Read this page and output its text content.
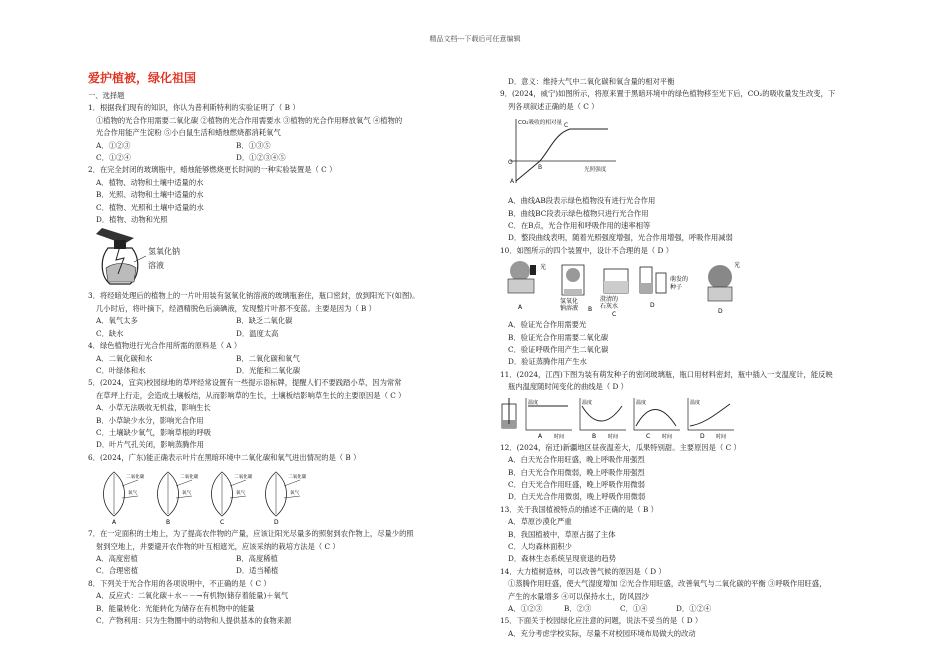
精品文档---下载后可任意编辑
爱护植被，绿化祖国
一、选择题
1．根据我们现有的知识，你认为普利斯特利的实验证明了（ B ）
①植物的光合作用需要二氧化碳 ②植物的光合作用需要水 ③植物的光合作用释放氧气 ④植物的
光合作用能产生淀粉 ⑤小白鼠生活和蜡烛燃烧都消耗氧气
A．①②③	B．①③⑤
C．①②④	D．①②③④⑤
2．在完全封闭的玻璃瓶中，蜡烛能够燃烧更长时间的一种实验装置是（ C ）
A．植物、动物和土壤中适量的水
B．光照、动物和土壤中适量的水
C．植物、光照和土壤中适量的水
D．植物、动物和光照
氢氧化钠
溶液
3．将经暗处理后的植物上的一片叶用装有氢氧化钠溶液的玻璃瓶套住，瓶口密封，放到阳光下(如图)。
几小时后，将叶摘下，经酒精脱色后滴碘液，发现整片叶都不变蓝。主要是因为（ B ）
A．氧气太多	B．缺乏二氧化碳
C．缺水	D．温度太高
4．绿色植物进行光合作用所需的原料是（ A ）
A．二氧化碳和水	B．二氧化碳和氧气
C．叶绿体和水	D．光能和二氧化碳
5．(2024，宜宾)校园绿地的草坪经常设置有一些提示语标牌，提醒人们不要践踏小草，因为常常
在草坪上行走，会造成土壤板结，从而影响草的生长，土壤板结影响草生长的主要原因是（ C ）
A．小草无法吸收无机盐，影响生长
B．小草缺少水分，影响光合作用
C．土壤缺少氧气，影响草根的呼吸
D．叶片气孔关闭，影响蒸腾作用
6．(2024，广东)能正确表示叶片在黑暗环境中二氧化碳和氧气进出情况的是（ B ）
二氧化碳
氧气
A
二氧化碳
氧气
B
二氧化碳
氧气
C
二氧化碳
氧气
D
7．在一定面积的土地上，为了提高农作物的产量，应该让阳光尽量多的照射到农作物上，尽量少的照
射到空地上，并要避开农作物的叶互相遮光，应该采纳的栽培方法是（ C ）
A．高度密植	B．高度稀植
C．合理密植	D．适当稀植
8．下列关于光合作用的各项说明中，不正确的是（ C ）
A．反应式：二氧化碳＋水－－→有机物(储存着能量)＋氧气
B．能量转化：光能转化为储存在有机物中的能量
C．产物利用：只为生物圈中的动物和人提供基本的食物来源
D．意义：维持大气中二氧化碳和氧含量的相对平衡
9．(2024，威宁)如图所示，将原来置于黑暗环境中的绿色植物移至光下后，CO₂的吸收量发生改变，下
列各项叙述正确的是（ C ）
CO₂吸收的相对量
光照强度
A
B
C
O
A．曲线AB段表示绿色植物没有进行光合作用
B．曲线BC段表示绿色植物只进行光合作用
C．在B点，光合作用和呼吸作用的速率相等
D．整段曲线表明，随着光照强度增强，光合作用增强，呼吸作用减弱
10．如图所示的四个装置中，设计不合理的是（ D ）
光
A
氢氧化
钠溶液 B
澄清的
石灰水
C
萌发的
种子
D
光
D
A．验证光合作用需要光
B．验证光合作用需要二氧化碳
C．验证呼吸作用产生二氧化碳
D．验证蒸腾作用产生水
11．(2024，江西)下图为装有萌发种子的密闭玻璃瓶，瓶口用材料密封，瓶中插入一支温度计，能反映
瓶内温度随时间变化的曲线是（ D ）
温度
时间
A
温度
时间
B
温度
时间
C
温度
时间
D
12．(2024，宿迁)新疆地区昼夜温差大，瓜果特别甜。主要原因是（ C ）
A．白天光合作用旺盛，晚上呼吸作用强烈
B．白天光合作用微弱，晚上呼吸作用强烈
C．白天光合作用旺盛，晚上呼吸作用微弱
D．白天光合作用微弱，晚上呼吸作用微弱
13．关于我国植被特点的描述不正确的是（ B ）
A．草原沙漠化严重
B．我国植被中，草原占据了主体
C．人均森林面积少
D．森林生态系统呈现衰退的趋势
14．大力植树造林，可以改善气候的原因是（ D ）
①蒸腾作用旺盛，使大气湿度增加 ②光合作用旺盛，改善氧气与二氧化碳的平衡 ③呼吸作用旺盛，
产生的水量增多 ④可以保持水土，防风固沙
A．①②③	B．②③	C．①④	D．①②④
15．下面关于校园绿化应注意的问题，说法不妥当的是（ D ）
A．充分考虑学校实际，尽量不对校园环境布局做大的改动
